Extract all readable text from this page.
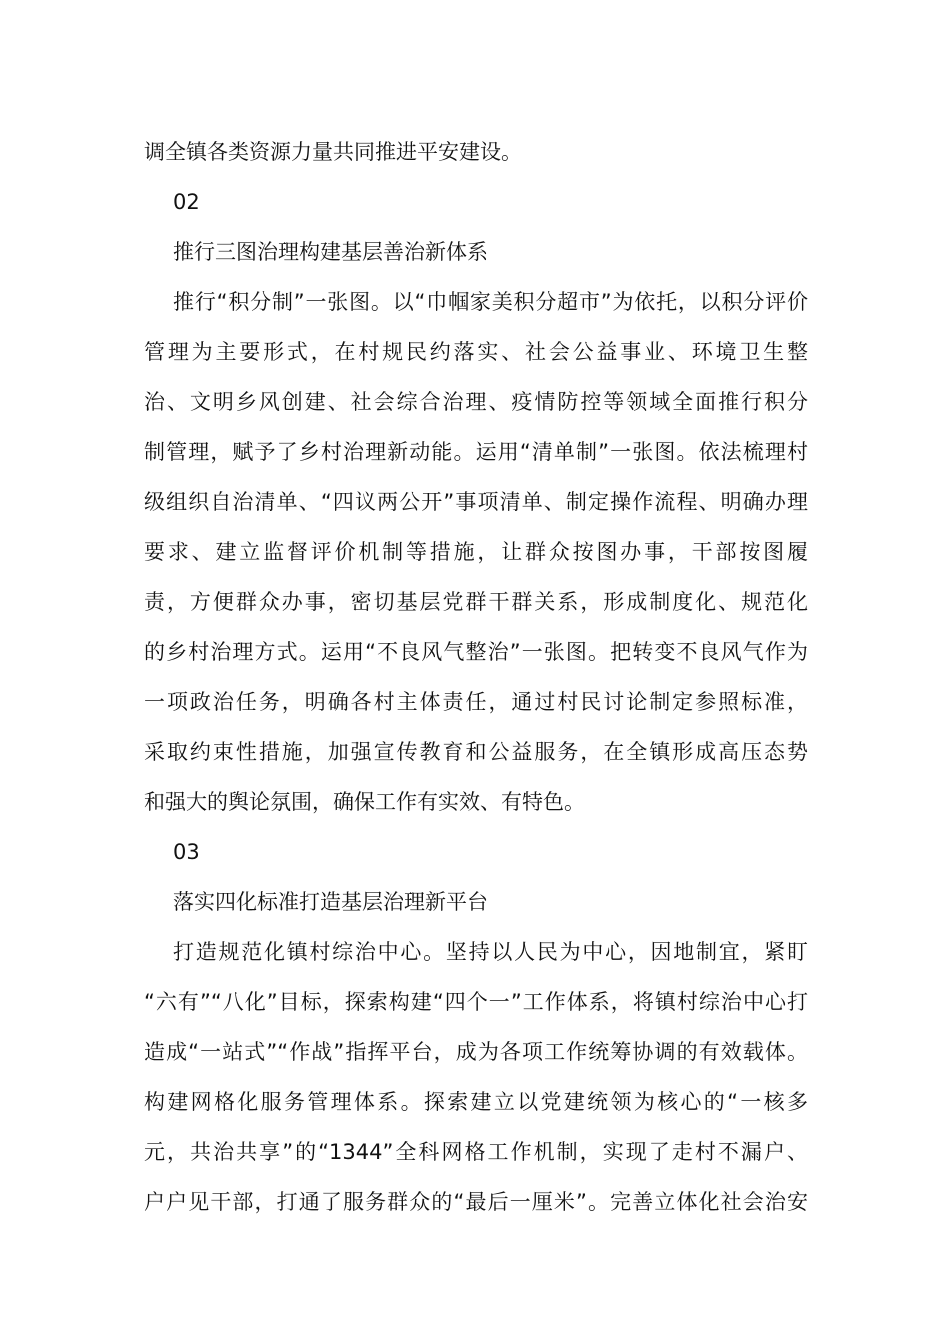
调全镇各类资源力量共同推进平安建设。
02
推行三图治理构建基层善治新体系
推行“积分制”一张图。以“巾帼家美积分超市”为依托，以积分评价
管理为主要形式，在村规民约落实、社会公益事业、环境卫生整
治、文明乡风创建、社会综合治理、疫情防控等领域全面推行积分
制管理，赋予了乡村治理新动能。运用“清单制”一张图。依法梳理村
级组织自治清单、“四议两公开”事项清单、制定操作流程、明确办理
要求、建立监督评价机制等措施，让群众按图办事，干部按图履
责，方便群众办事，密切基层党群干群关系，形成制度化、规范化
的乡村治理方式。运用“不良风气整治”一张图。把转变不良风气作为
一项政治任务，明确各村主体责任，通过村民讨论制定参照标准，
采取约束性措施，加强宣传教育和公益服务，在全镇形成高压态势
和强大的舆论氛围，确保工作有实效、有特色。
03
落实四化标准打造基层治理新平台
打造规范化镇村综治中心。坚持以人民为中心，因地制宜，紧盯
“六有”“八化”目标，探索构建“四个一”工作体系，将镇村综治中心打
造成“一站式”“作战”指挥平台，成为各项工作统筹协调的有效载体。
构建网格化服务管理体系。探索建立以党建统领为核心的“一核多
元，共治共享”的“1344”全科网格工作机制，实现了走村不漏户、
户户见干部，打通了服务群众的“最后一厘米”。完善立体化社会治安
